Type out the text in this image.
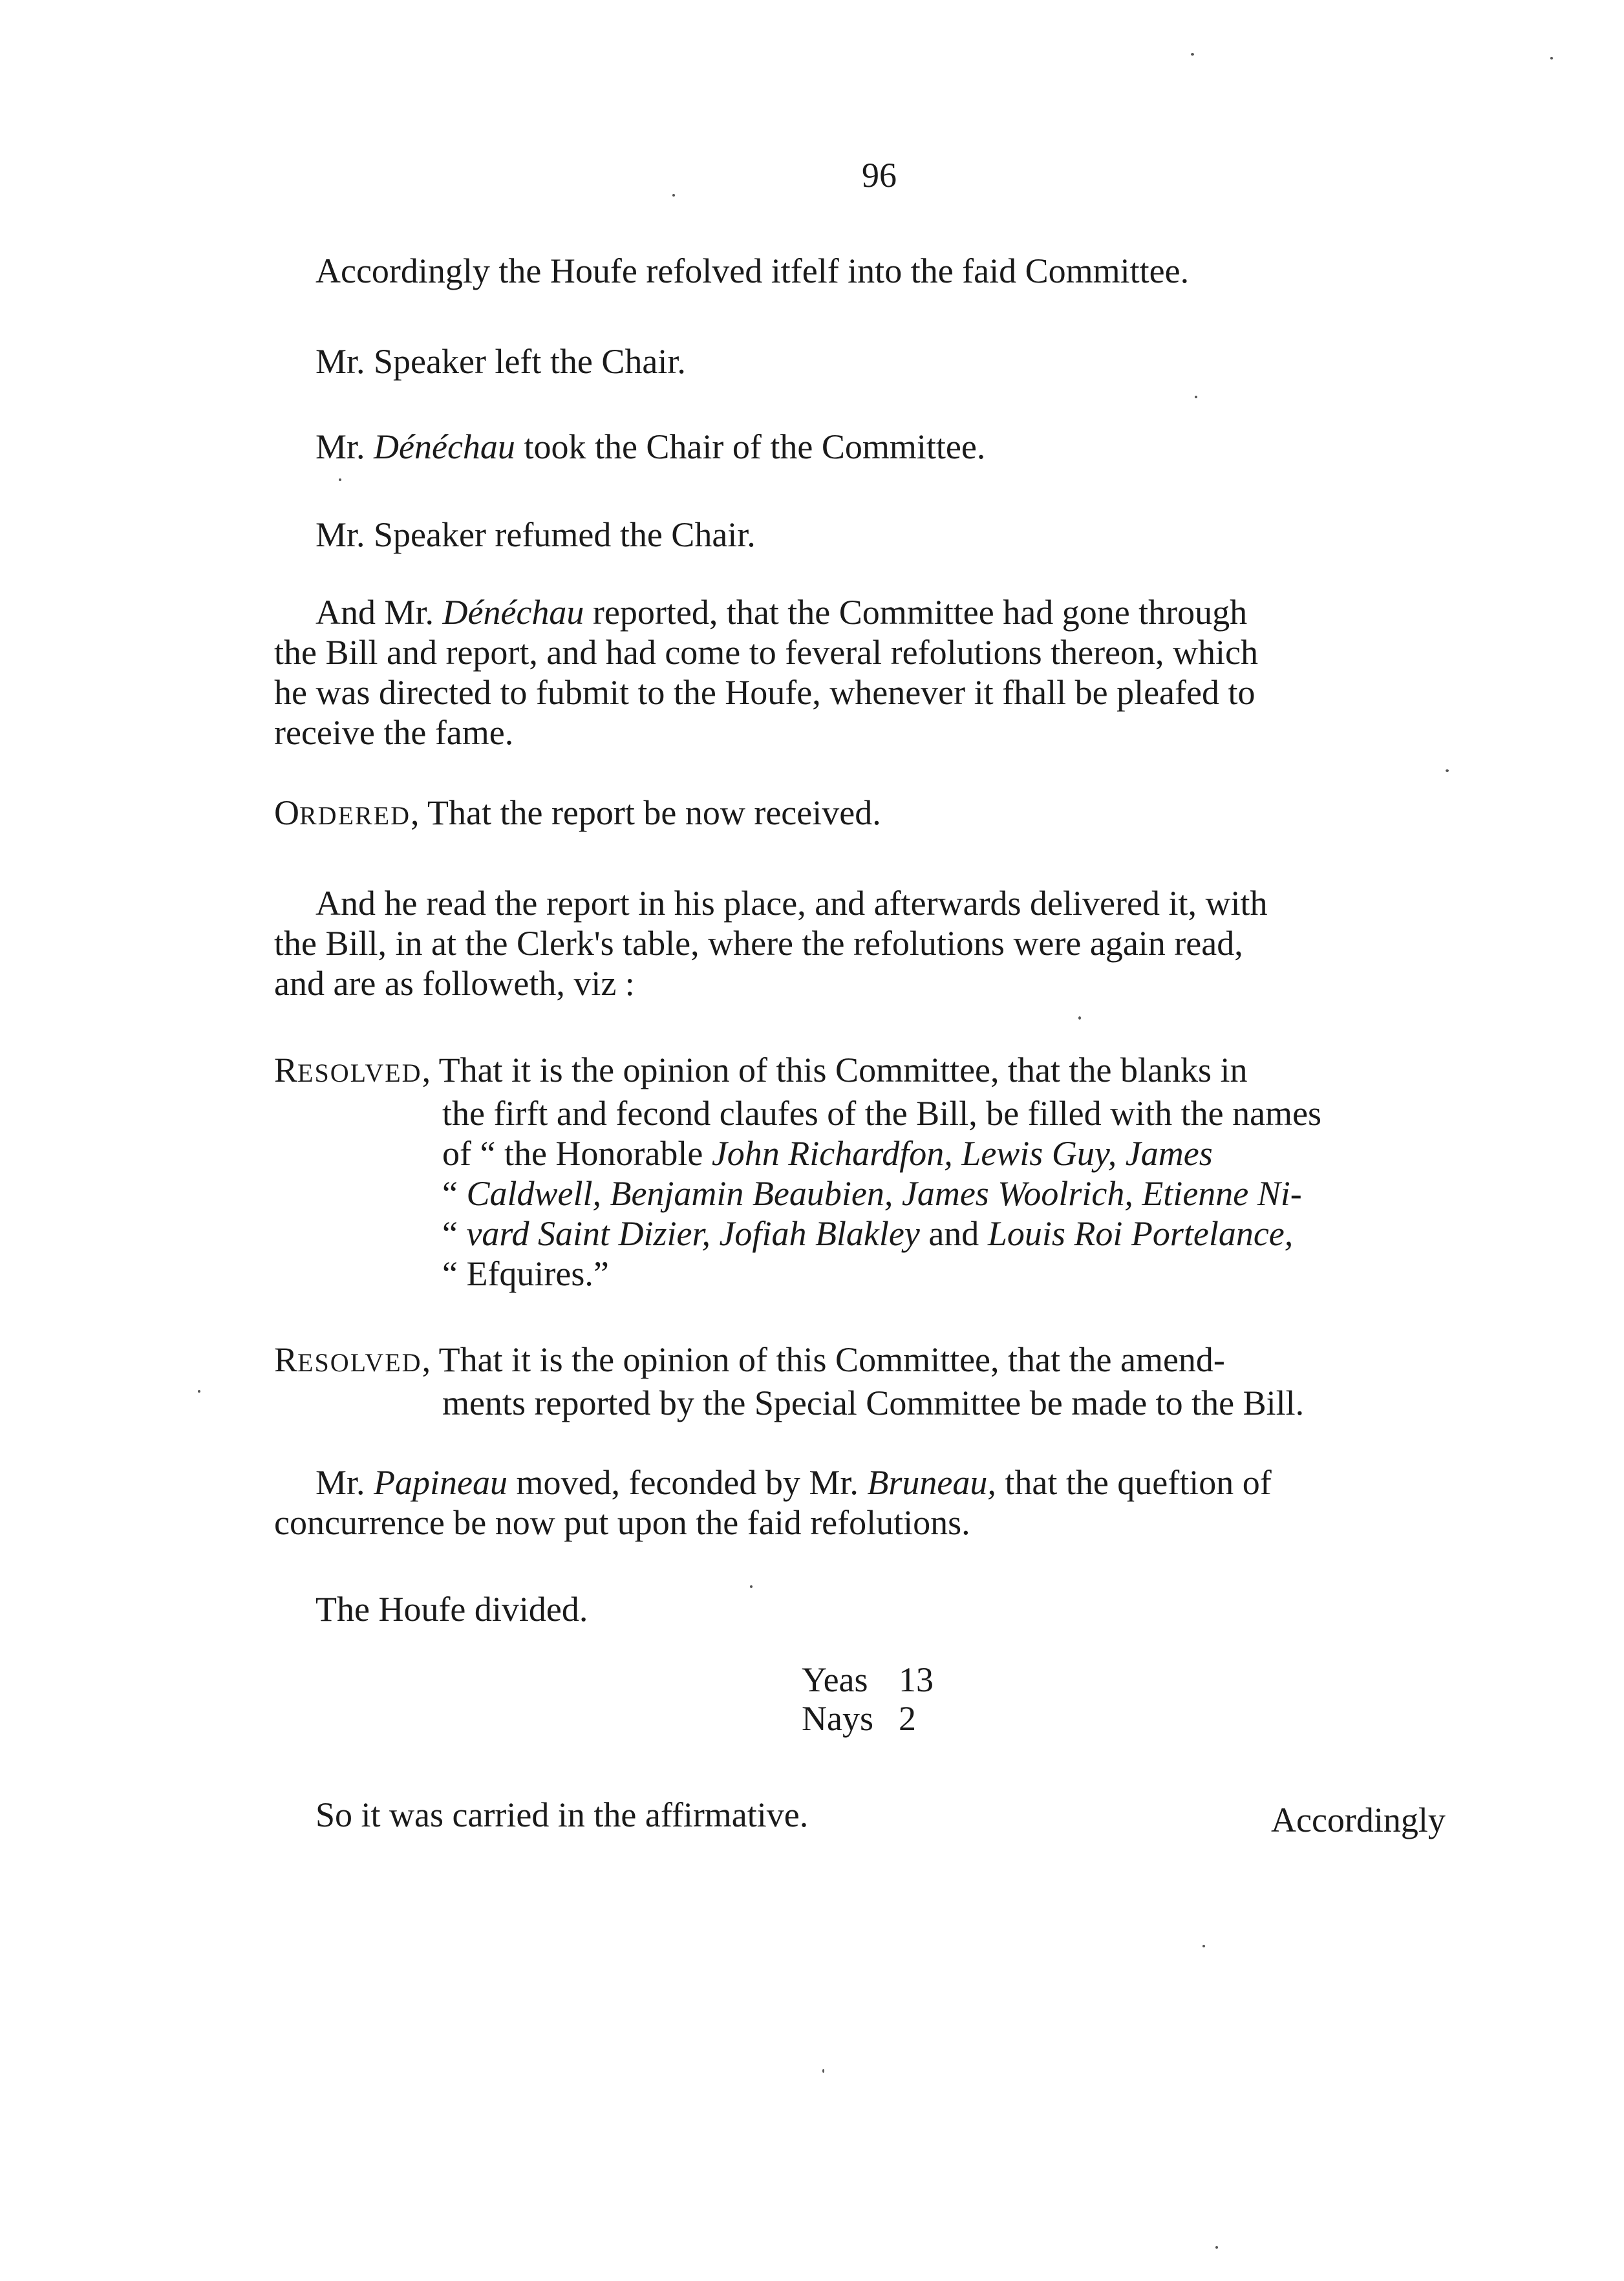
96
Accordingly the Houfe refolved itfelf into the faid Committee.
Mr. Speaker left the Chair.
Mr. Dénéchau took the Chair of the Committee.
Mr. Speaker refumed the Chair.
And Mr. Dénéchau reported, that the Committee had gone through
the Bill and report, and had come to feveral refolutions thereon, which
he was directed to fubmit to the Houfe, whenever it fhall be pleafed to
receive the fame.
ORDERED, That the report be now received.
And he read the report in his place, and afterwards delivered it, with
the Bill, in at the Clerk's table, where the refolutions were again read,
and are as followeth, viz :
RESOLVED, That it is the opinion of this Committee, that the blanks in
the firft and fecond claufes of the Bill, be filled with the names
of “ the Honorable John Richardfon, Lewis Guy, James
“ Caldwell, Benjamin Beaubien, James Woolrich, Etienne Ni-
“ vard Saint Dizier, Jofiah Blakley and Louis Roi Portelance,
“ Efquires.”
RESOLVED, That it is the opinion of this Committee, that the amend-
ments reported by the Special Committee be made to the Bill.
Mr. Papineau moved, feconded by Mr. Bruneau, that the queftion of
concurrence be now put upon the faid refolutions.
The Houfe divided.
Yeas 13
Nays 2
So it was carried in the affirmative.	Accordingly
